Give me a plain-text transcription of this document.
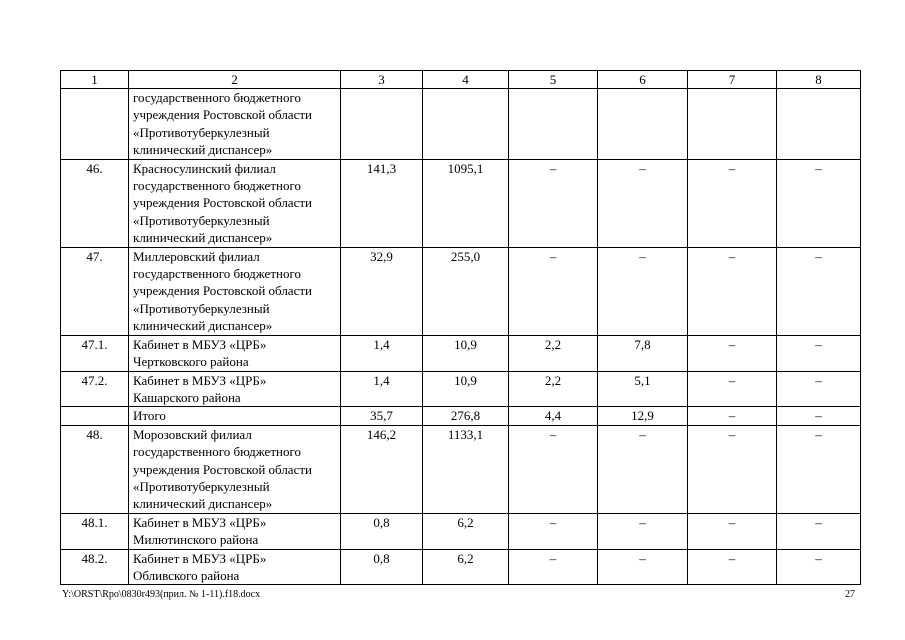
1	2	3	4	5	6	7	8
	государственного бюджетного
учреждения Ростовской области
«Противотуберкулезный
клинический диспансер»						
46.	Красносулинский филиал
государственного бюджетного
учреждения Ростовской области
«Противотуберкулезный
клинический диспансер»	141,3	1095,1	–	–	–	–
47.	Миллеровский филиал
государственного бюджетного
учреждения Ростовской области
«Противотуберкулезный
клинический диспансер»	32,9	255,0	–	–	–	–
47.1.	Кабинет в МБУЗ «ЦРБ»
Чертковского района	1,4	10,9	2,2	7,8	–	–
47.2.	Кабинет в МБУЗ «ЦРБ»
Кашарского района	1,4	10,9	2,2	5,1	–	–
	Итого	35,7	276,8	4,4	12,9	–	–
48.	Морозовский филиал
государственного бюджетного
учреждения Ростовской области
«Противотуберкулезный
клинический диспансер»	146,2	1133,1	–	–	–	–
48.1.	Кабинет в МБУЗ «ЦРБ»
Милютинского района	0,8	6,2	–	–	–	–
48.2.	Кабинет в МБУЗ «ЦРБ»
Обливского района	0,8	6,2	–	–	–	–
Y:\ORST\Rpo\0830r493(прил. № 1-11).f18.docx	27
